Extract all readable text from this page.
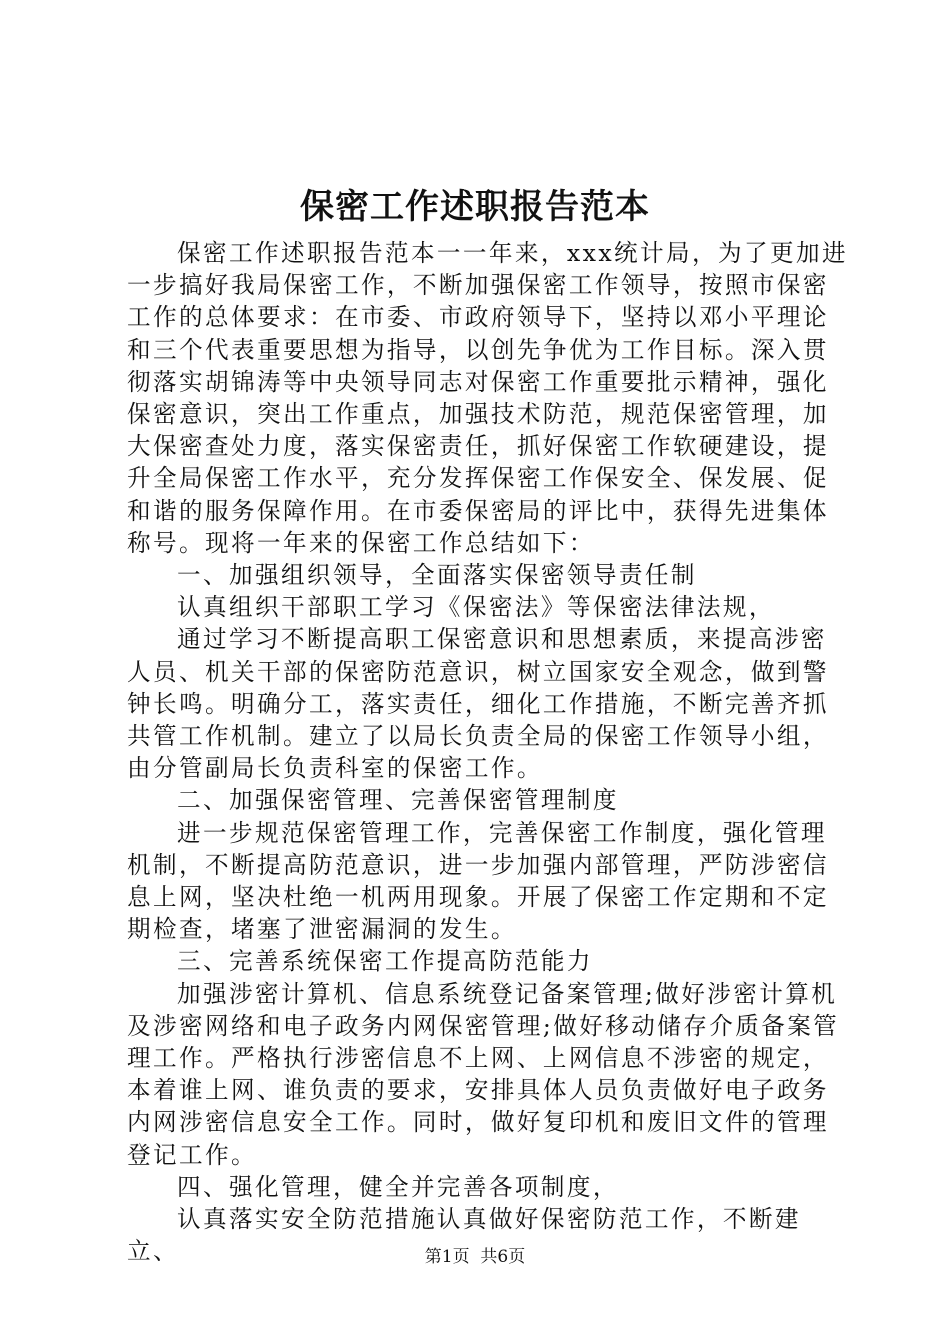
保密工作述职报告范本

保密工作述职报告范本一一年来，xxx统计局，为了更加进一步搞好我局保密工作，不断加强保密工作领导，按照市保密工作的总体要求：在市委、市政府领导下，坚持以邓小平理论和三个代表重要思想为指导，以创先争优为工作目标。深入贯彻落实胡锦涛等中央领导同志对保密工作重要批示精神，强化保密意识，突出工作重点，加强技术防范，规范保密管理，加大保密查处力度，落实保密责任，抓好保密工作软硬建设，提升全局保密工作水平，充分发挥保密工作保安全、保发展、促和谐的服务保障作用。在市委保密局的评比中，获得先进集体称号。现将一年来的保密工作总结如下：

一、加强组织领导，全面落实保密领导责任制

认真组织干部职工学习《保密法》等保密法律法规，

通过学习不断提高职工保密意识和思想素质，来提高涉密人员、机关干部的保密防范意识，树立国家安全观念，做到警钟长鸣。明确分工，落实责任，细化工作措施，不断完善齐抓共管工作机制。建立了以局长负责全局的保密工作领导小组，由分管副局长负责科室的保密工作。

二、加强保密管理、完善保密管理制度

进一步规范保密管理工作，完善保密工作制度，强化管理机制，不断提高防范意识，进一步加强内部管理，严防涉密信息上网，坚决杜绝一机两用现象。开展了保密工作定期和不定期检查，堵塞了泄密漏洞的发生。

三、完善系统保密工作提高防范能力

加强涉密计算机、信息系统登记备案管理;做好涉密计算机及涉密网络和电子政务内网保密管理;做好移动储存介质备案管理工作。严格执行涉密信息不上网、上网信息不涉密的规定，本着谁上网、谁负责的要求，安排具体人员负责做好电子政务内网涉密信息安全工作。同时，做好复印机和废旧文件的管理登记工作。

四、强化管理，健全并完善各项制度，

认真落实安全防范措施认真做好保密防范工作，不断建立、	第1页  共6页
